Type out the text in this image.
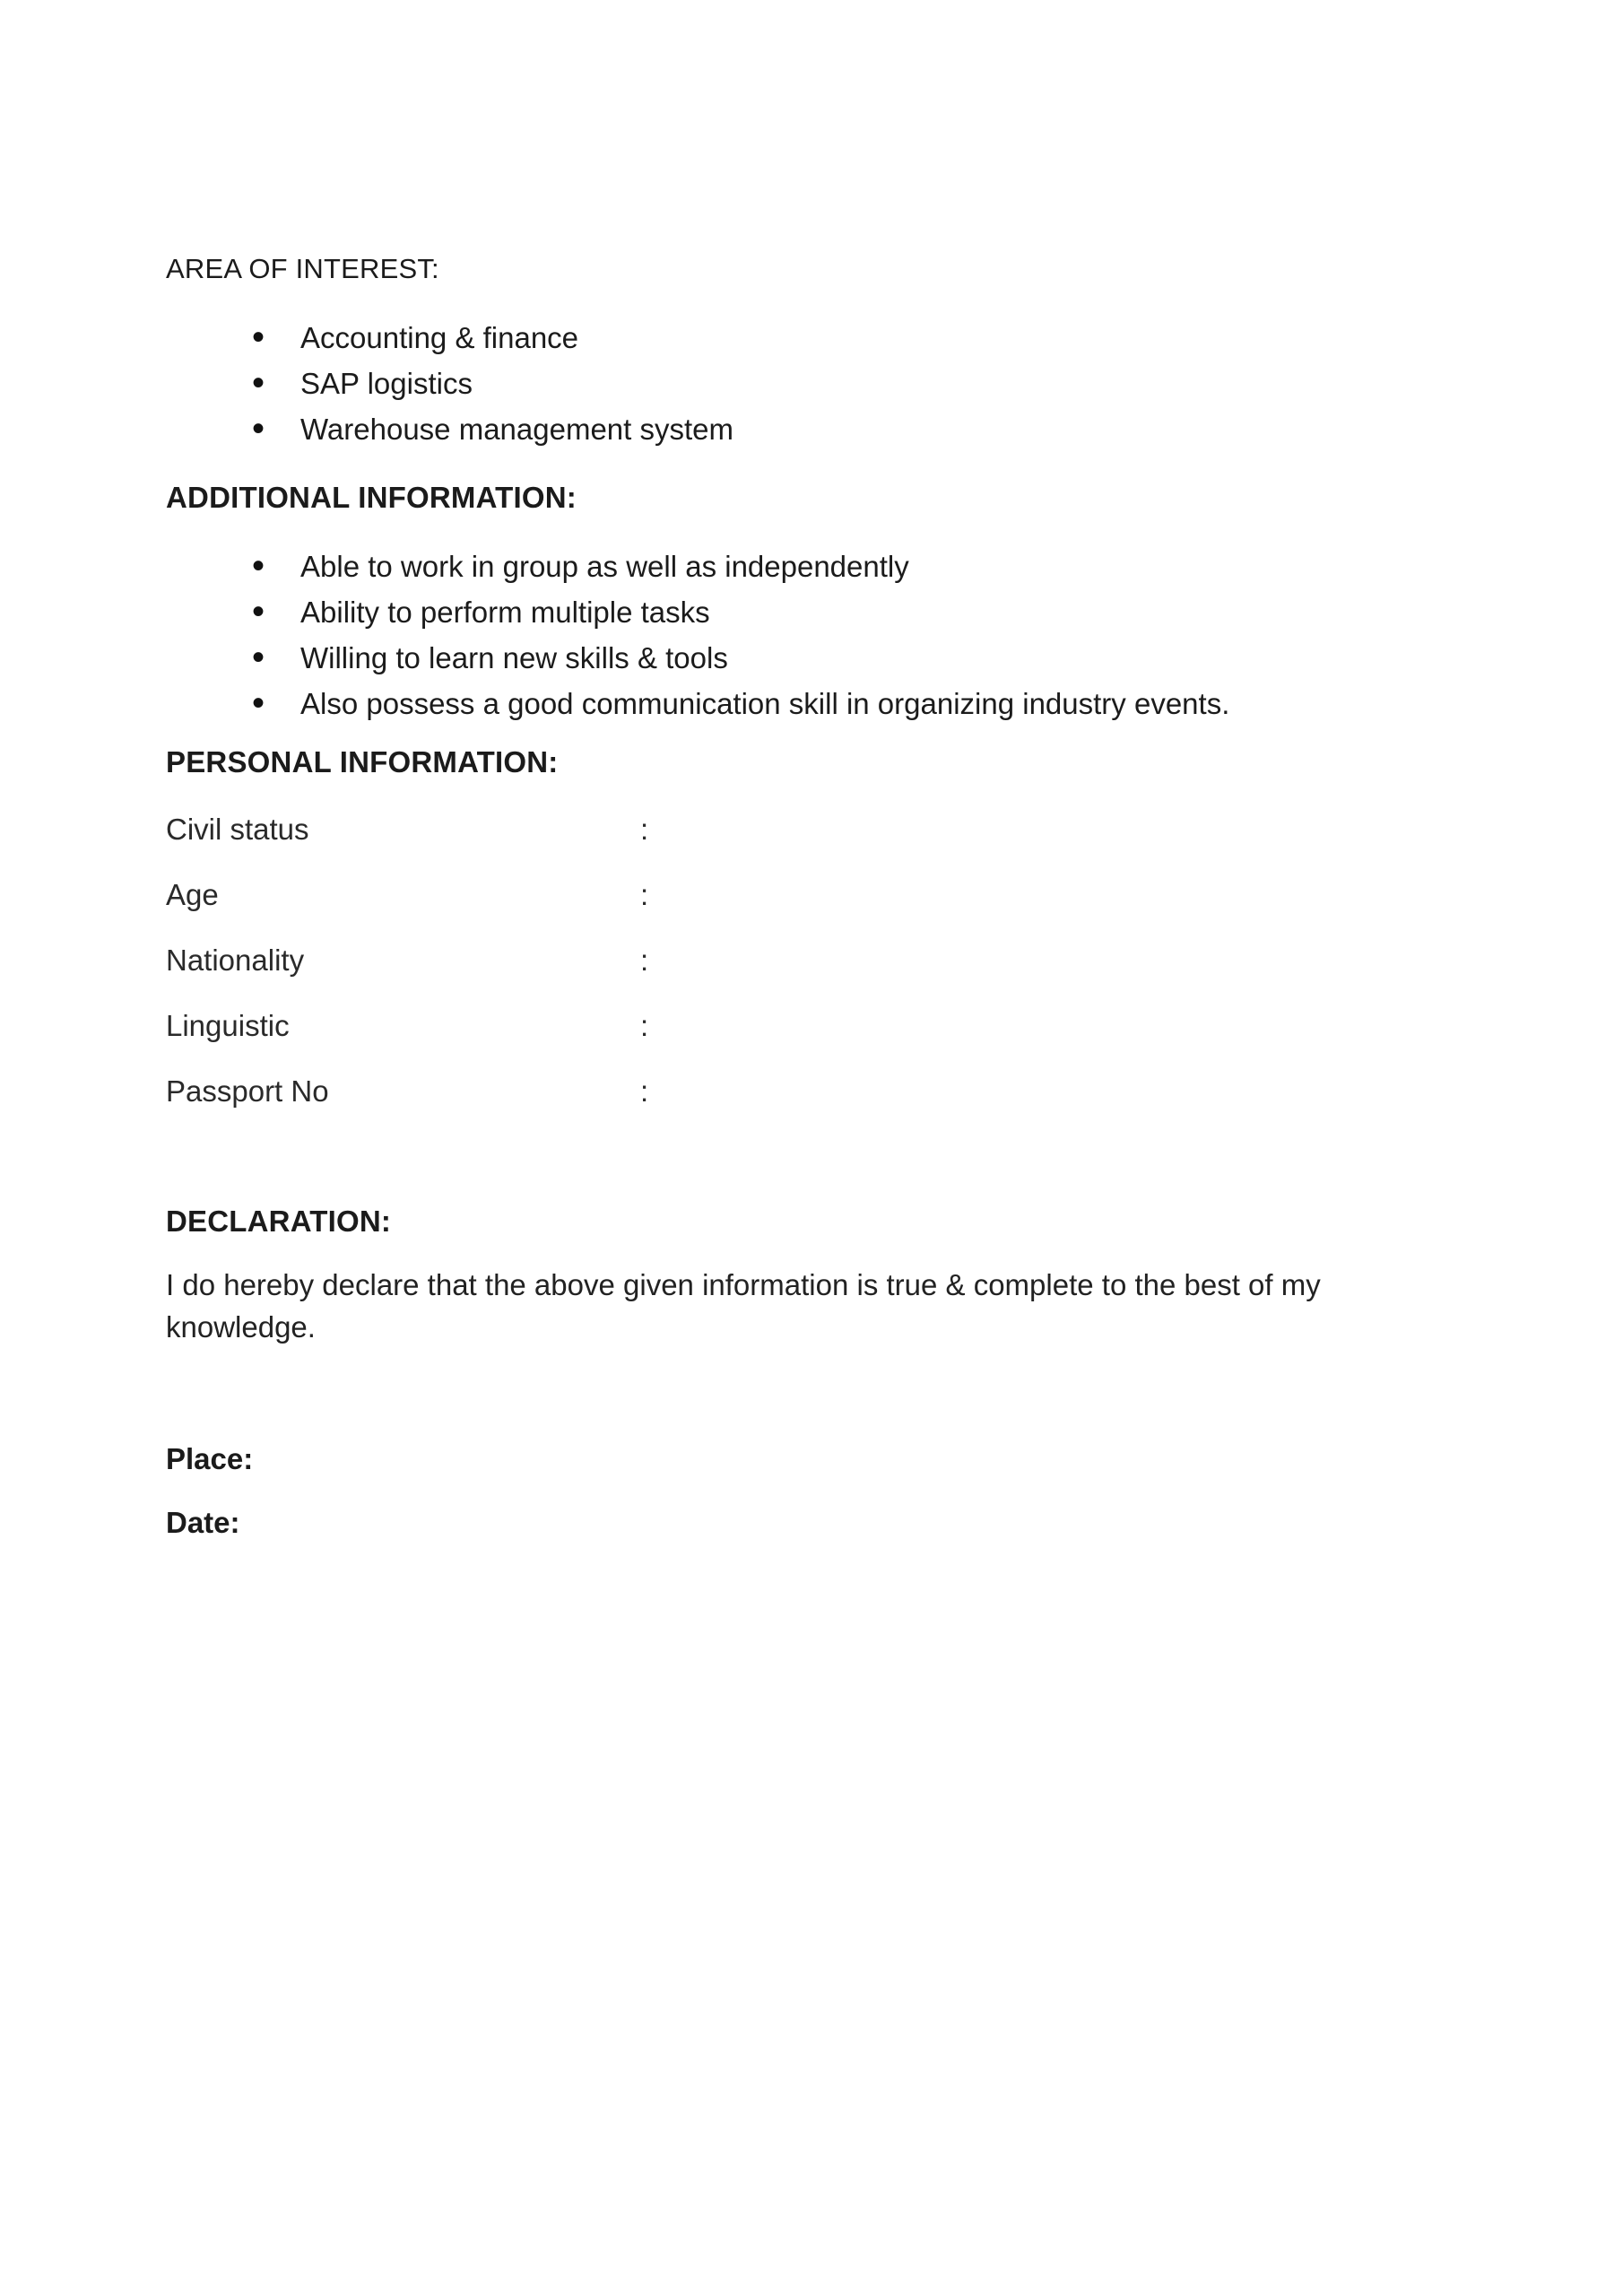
AREA OF INTEREST:
• Accounting & finance
• SAP logistics
• Warehouse management system
ADDITIONAL INFORMATION:
• Able to work in group as well as independently
• Ability to perform multiple tasks
• Willing to learn new skills & tools
• Also possess a good communication skill in organizing industry events.
PERSONAL INFORMATION:
Civil status	:
Age	:
Nationality	:
Linguistic	:
Passport No	:
DECLARATION:

I do hereby declare that the above given information is true & complete to the best of my knowledge.

Place:
Date:
